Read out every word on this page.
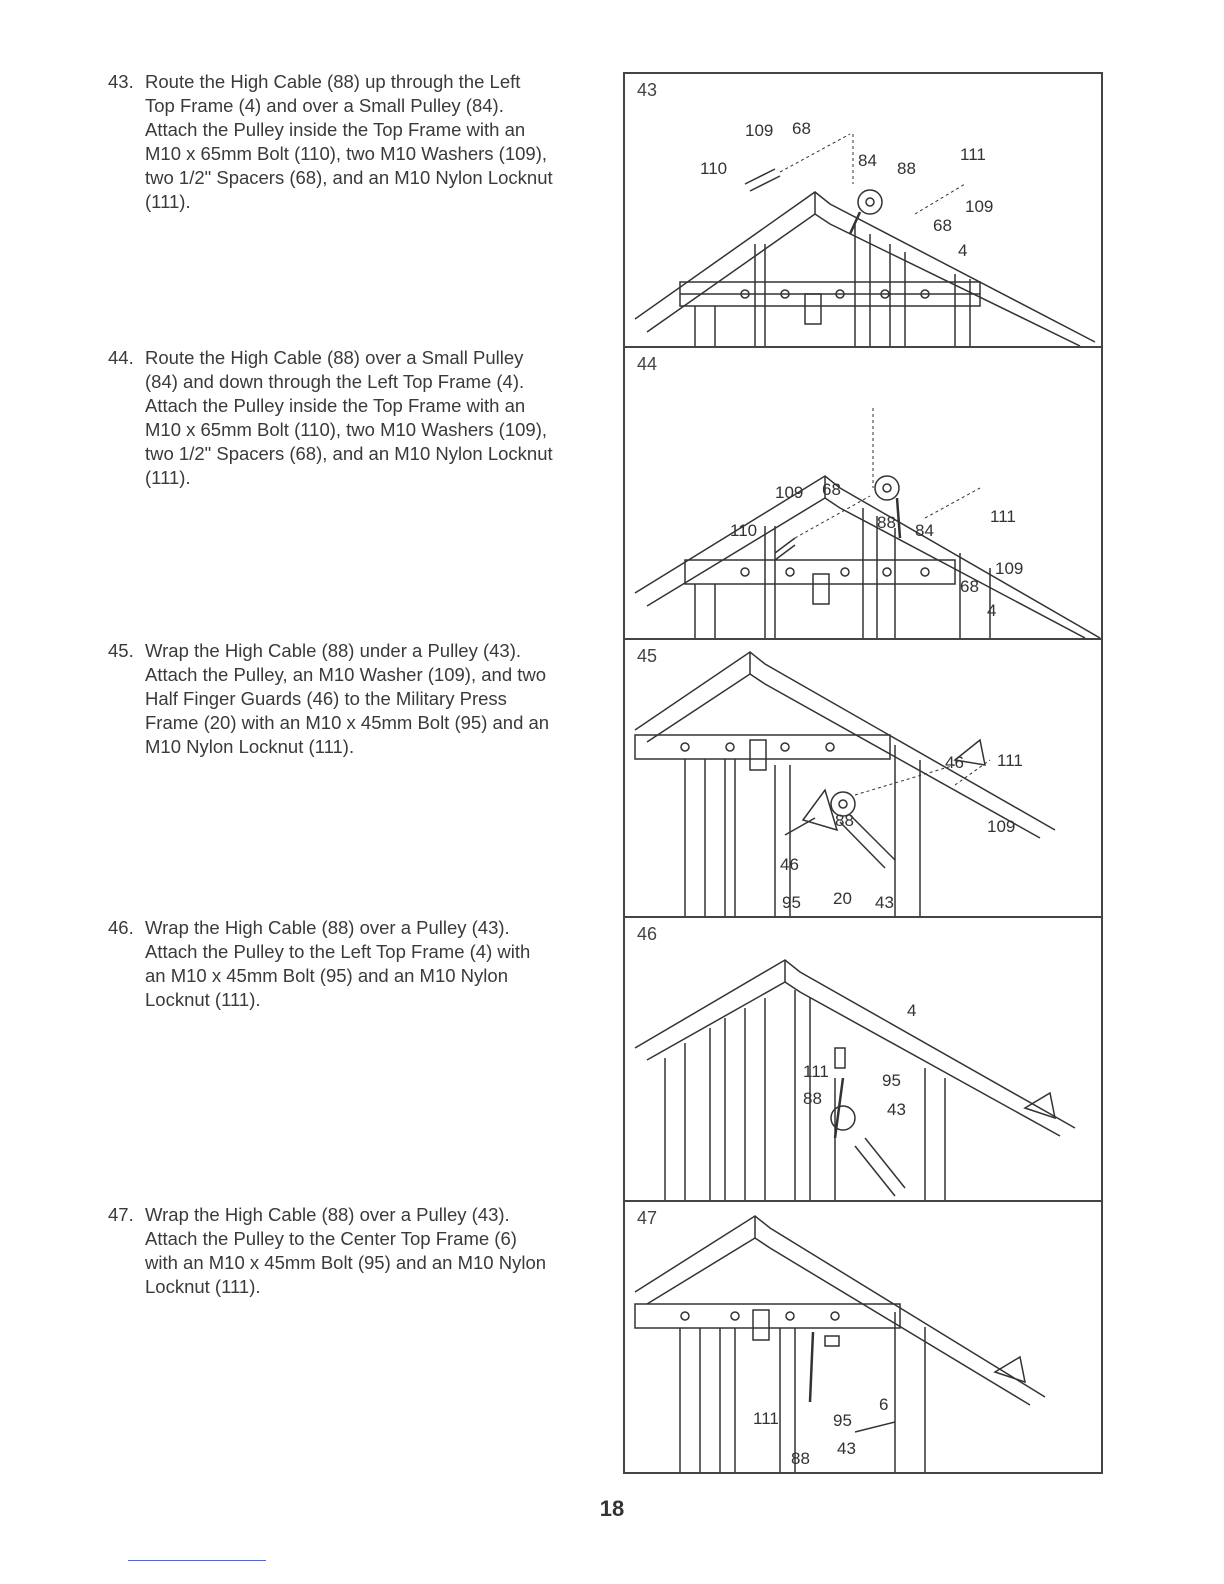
43. Route the High Cable (88) up through the Left
Top Frame (4) and over a Small Pulley (84).
Attach the Pulley inside the Top Frame with an
M10 x 65mm Bolt (110), two M10 Washers (109),
two 1/2" Spacers (68), and an M10 Nylon Locknut
(111).
44. Route the High Cable (88) over a Small Pulley
(84) and down through the Left Top Frame (4).
Attach the Pulley inside the Top Frame with an
M10 x 65mm Bolt (110), two M10 Washers (109),
two 1/2" Spacers (68), and an M10 Nylon Locknut
(111).
45. Wrap the High Cable (88) under a Pulley (43).
Attach the Pulley, an M10 Washer (109), and two
Half Finger Guards (46) to the Military Press
Frame (20) with an M10 x 45mm Bolt (95) and an
M10 Nylon Locknut (111).
46. Wrap the High Cable (88) over a Pulley (43).
Attach the Pulley to the Left Top Frame (4) with
an M10 x 45mm Bolt (95) and an M10 Nylon
Locknut (111).
47. Wrap the High Cable (88) over a Pulley (43).
Attach the Pulley to the Center Top Frame (6)
with an M10 x 45mm Bolt (95) and an M10 Nylon
Locknut (111).
43
109 68
110	84 88
111
109
68
4
44
109 68
110	88 84
111
109
68
4
45
46 111
109
88
46
43
95 20
46
4
111	95
88
43
47
111	95
6
43
88
18
